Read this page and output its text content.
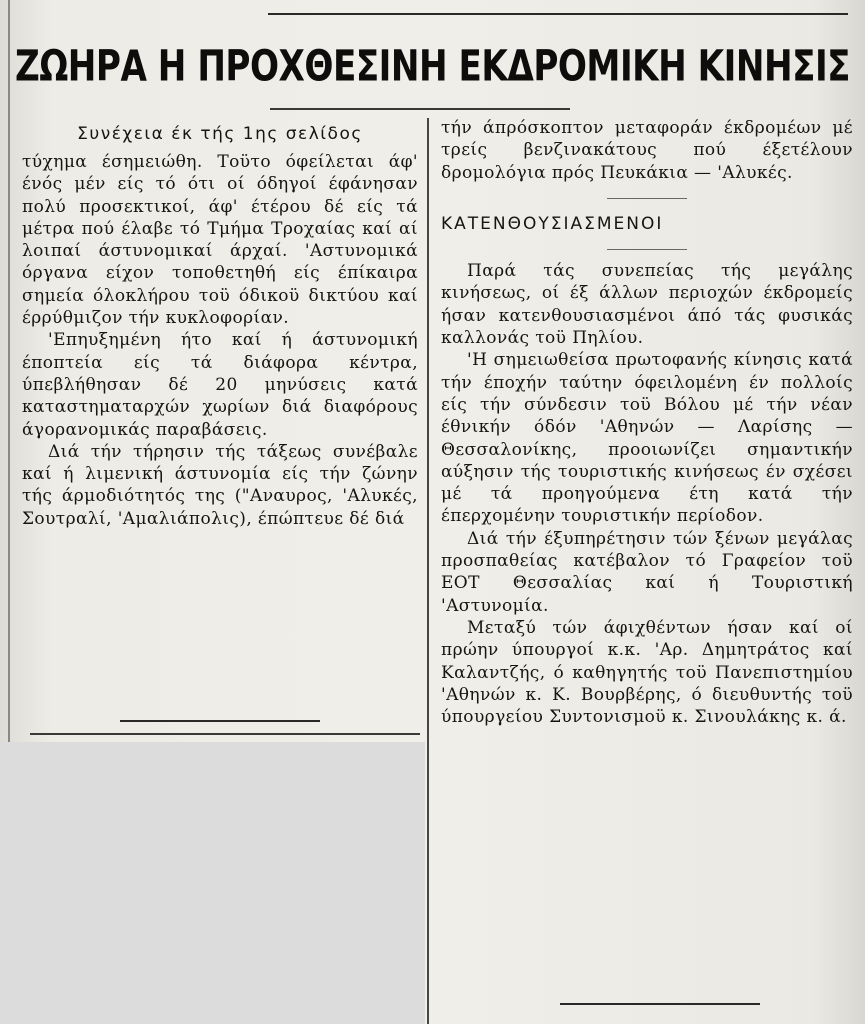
ΖΩΗΡΑ Η ΠΡΟΧΘΕΣΙΝΗ ΕΚΔΡΟΜΙΚΗ ΚΙΝΗΣΙΣ
Συνέχεια έκ τής 1ης σελίδος

τύχημα έσημειώθη. Τοϋτο όφείλεται άφ' ένός μέν είς τό ότι οί όδηγοί έφάνησαν πολύ προσεκτικοί, άφ' έτέρου δέ είς τά μέτρα πού έλαβε τό Τμήμα Τροχαίας καί αί λοιπαί άστυνομικαί άρχαί. 'Αστυνομικά όργανα είχον τοποθετηθή είς έπίκαιρα σημεία όλοκλήρου τοϋ όδικοϋ δικτύου καί έρρύθμιζον τήν κυκλοφορίαν.

'Επηυξημένη ήτο καί ή άστυνομική έποπτεία είς τά διάφορα κέντρα, ύπεβλήθησαν δέ 20 μηνύσεις κατά καταστηματαρχών χωρίων διά διαφόρους άγορανομικάς παραβάσεις.

Διά τήν τήρησιν τής τάξεως συνέβαλε καί ή λιμενική άστυνομία είς τήν ζώνην τής άρμοδιότητός της ("Αναυρος, 'Αλυκές, Σουτραλί, 'Αμαλιάπολις), έπώπτευε δέ διά

τήν άπρόσκοπτον μεταφοράν έκδρομέων μέ τρείς βενζινακάτους πού έξετέλουν δρομολόγια πρός Πευκάκια — 'Αλυκές.

ΚΑΤΕΝΘΟΥΣΙΑΣΜΕΝΟΙ

Παρά τάς συνεπείας τής μεγάλης κινήσεως, οί έξ άλλων περιοχών έκδρομείς ήσαν κατενθουσιασμένοι άπό τάς φυσικάς καλλονάς τοϋ Πηλίου.

'Η σημειωθείσα πρωτοφανής κίνησις κατά τήν έποχήν ταύτην όφειλομένη έν πολλοίς είς τήν σύνδεσιν τοϋ Βόλου μέ τήν νέαν έθνικήν όδόν 'Αθηνών — Λαρίσης — Θεσσαλονίκης, προοιωνίζει σημαντικήν αύξησιν τής τουριστικής κινήσεως έν σχέσει μέ τά προηγούμενα έτη κατά τήν έπερχομένην τουριστικήν περίοδον.

Διά τήν έξυπηρέτησιν τών ξένων μεγάλας προσπαθείας κατέβαλον τό Γραφείον τοϋ ΕΟΤ Θεσσαλίας καί ή Τουριστική 'Αστυνομία.

Μεταξύ τών άφιχθέντων ήσαν καί οί πρώην ύπουργοί κ.κ. 'Αρ. Δημητράτος καί Καλαντζής, ό καθηγητής τοϋ Πανεπιστημίου 'Αθηνών κ. Κ. Βουρβέρης, ό διευθυντής τοϋ ύπουργείου Συντονισμοϋ κ. Σινουλάκης κ. ά.
